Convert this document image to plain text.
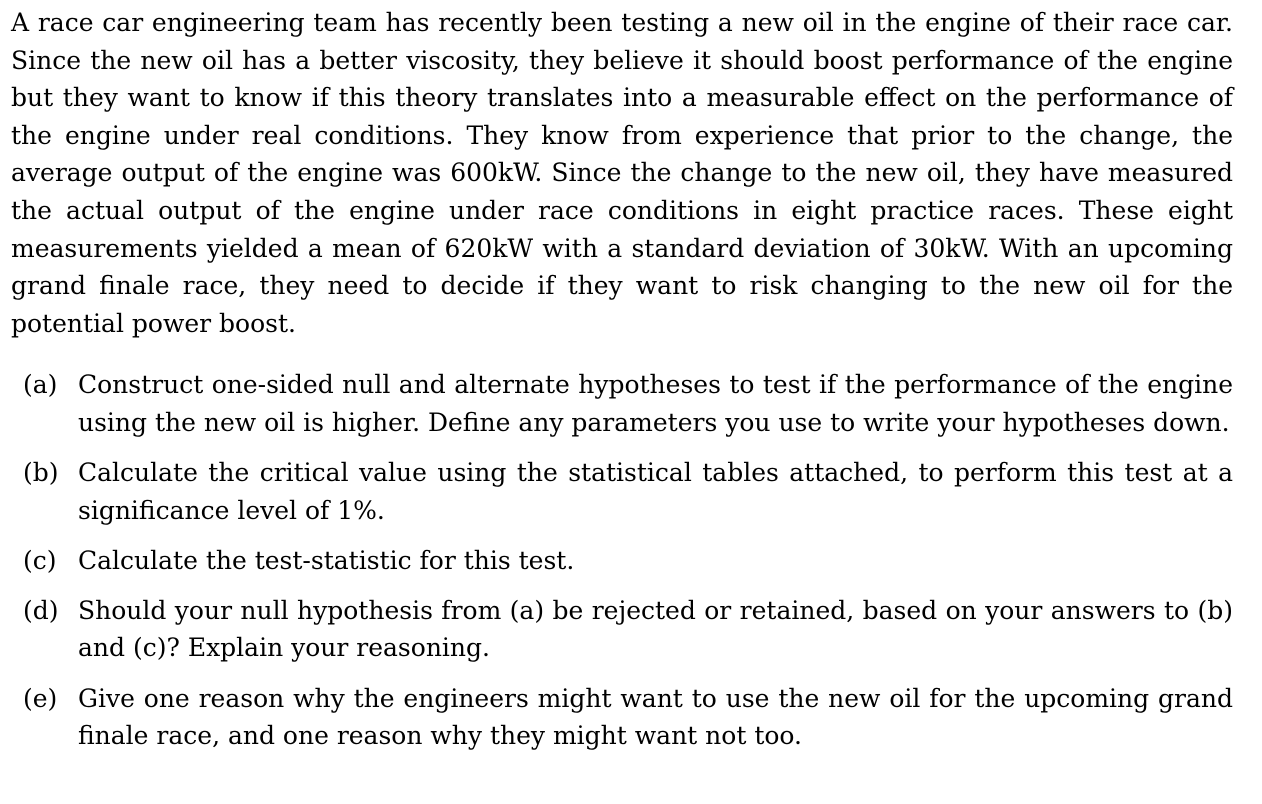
A race car engineering team has recently been testing a new oil in the engine of their race car. Since the new oil has a better viscosity, they believe it should boost performance of the engine but they want to know if this theory translates into a measurable effect on the performance of the engine under real conditions. They know from experience that prior to the change, the average output of the engine was 600kW. Since the change to the new oil, they have measured the actual output of the engine under race conditions in eight practice races. These eight measurements yielded a mean of 620kW with a standard deviation of 30kW. With an upcoming grand finale race, they need to decide if they want to risk changing to the new oil for the potential power boost.

(a) Construct one-sided null and alternate hypotheses to test if the performance of the engine using the new oil is higher. Define any parameters you use to write your hypotheses down.
(b) Calculate the critical value using the statistical tables attached, to perform this test at a significance level of 1%.
(c) Calculate the test-statistic for this test.
(d) Should your null hypothesis from (a) be rejected or retained, based on your answers to (b) and (c)? Explain your reasoning.
(e) Give one reason why the engineers might want to use the new oil for the upcoming grand finale race, and one reason why they might want not too.
